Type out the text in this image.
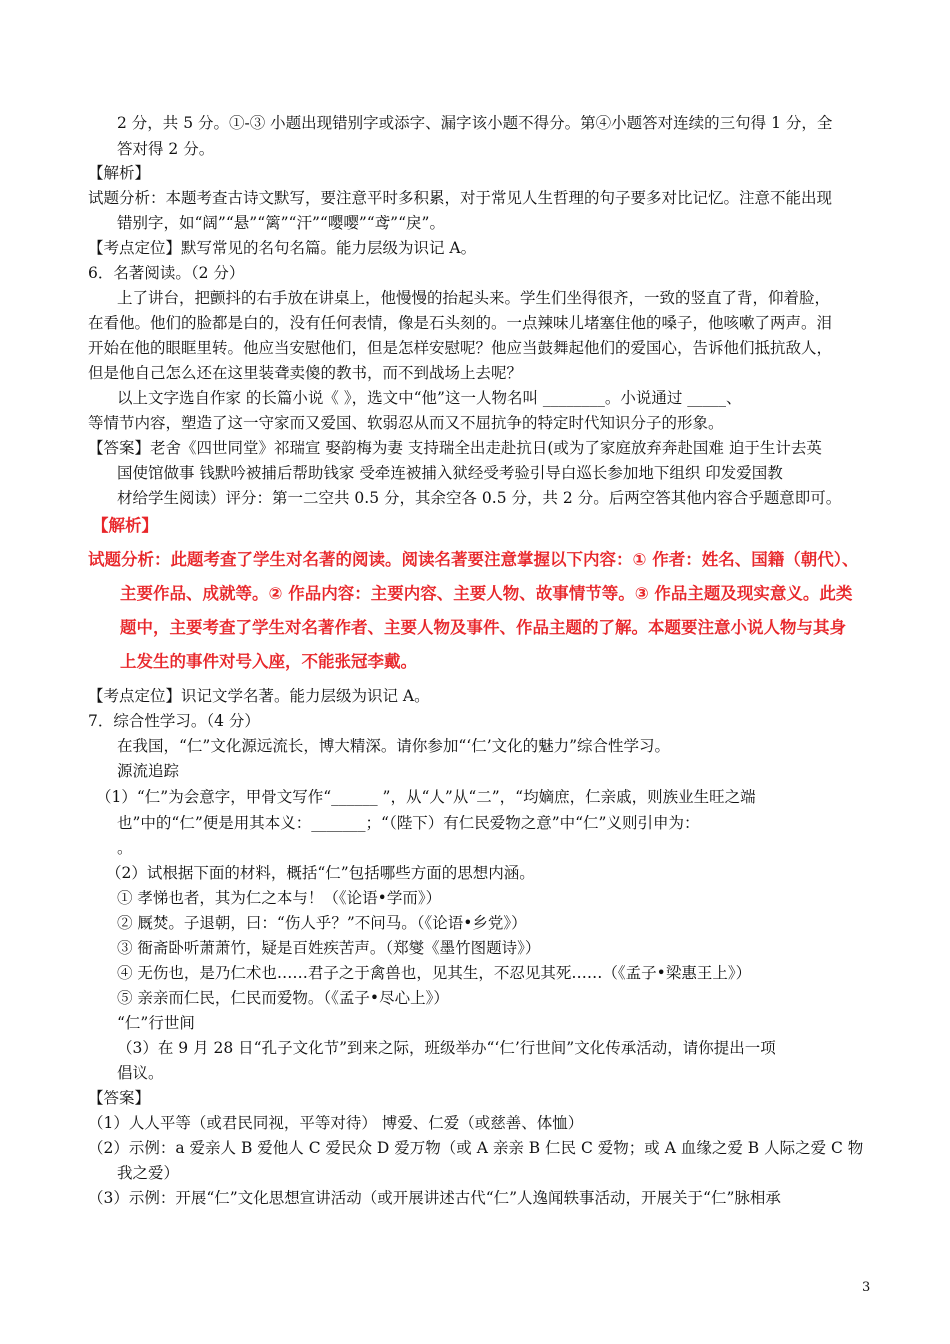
2 分，共 5 分。①-③ 小题出现错别字或添字、漏字该小题不得分。第④小题答对连续的三句得 1 分，全
答对得 2 分。
【解析】
试题分析：本题考查古诗文默写，要注意平时多积累，对于常见人生哲理的句子要多对比记忆。注意不能出现
错别字，如“阔”“悬”“篱”“汗”“嘤嘤”“鸢”“戾”。
【考点定位】默写常见的名句名篇。能力层级为识记 A。
6．名著阅读。（2 分）
上了讲台，把颤抖的右手放在讲桌上，他慢慢的抬起头来。学生们坐得很齐，一致的竖直了背，仰着脸，
在看他。他们的脸都是白的，没有任何表情，像是石头刻的。一点辣味儿堵塞住他的嗓子，他咳嗽了两声。泪
开始在他的眼眶里转。他应当安慰他们，但是怎样安慰呢？他应当鼓舞起他们的爱国心，告诉他们抵抗敌人，
但是他自己怎么还在这里装聋卖傻的教书，而不到战场上去呢？
以上文字选自作家 的长篇小说《 》，选文中“他”这一人物名叫 ________。小说通过 _____、
等情节内容，塑造了这一守家而又爱国、软弱忍从而又不屈抗争的特定时代知识分子的形象。
【答案】老舍《四世同堂》祁瑞宣 娶韵梅为妻 支持瑞全出走赴抗日(或为了家庭放弃奔赴国难 迫于生计去英
国使馆做事 钱默吟被捕后帮助钱家 受牵连被捕入狱经受考验引导白巡长参加地下组织 印发爱国教
材给学生阅读）评分：第一二空共 0.5 分，其余空各 0.5 分，共 2 分。后两空答其他内容合乎题意即可。
【解析】
试题分析：此题考查了学生对名著的阅读。阅读名著要注意掌握以下内容：① 作者：姓名、国籍（朝代）、
主要作品、成就等。② 作品内容：主要内容、主要人物、故事情节等。③ 作品主题及现实意义。此类
题中，主要考查了学生对名著作者、主要人物及事件、作品主题的了解。本题要注意小说人物与其身
上发生的事件对号入座，不能张冠李戴。
【考点定位】识记文学名著。能力层级为识记 A。
7．综合性学习。（4 分）
在我国，“仁”文化源远流长，博大精深。请你参加“‘仁’文化的魅力”综合性学习。
源流追踪
（1）“仁”为会意字，甲骨文写作“______ ”，从“人”从“二”，“均嫡庶，仁亲戚，则族业生旺之端
也”中的“仁”便是用其本义：_______；“（陛下）有仁民爱物之意”中“仁”义则引申为：
。
（2）试根据下面的材料，概括“仁”包括哪些方面的思想内涵。
① 孝悌也者，其为仁之本与！（《论语•学而》）
② 厩焚。子退朝，曰：“伤人乎？”不问马。（《论语•乡党》）
③ 衙斋卧听萧萧竹，疑是百姓疾苦声。（郑燮《墨竹图题诗》）
④ 无伤也，是乃仁术也……君子之于禽兽也，见其生，不忍见其死……（《孟子•梁惠王上》）
⑤ 亲亲而仁民，仁民而爱物。（《孟子•尽心上》）
“仁”行世间
（3）在 9 月 28 日“孔子文化节”到来之际，班级举办“‘仁’行世间”文化传承活动，请你提出一项
倡议。
【答案】
（1）人人平等（或君民同视，平等对待） 博爱、仁爱（或慈善、体恤）
（2）示例：a 爱亲人 B 爱他人 C 爱民众 D 爱万物（或 A 亲亲 B 仁民 C 爱物；或 A 血缘之爱 B 人际之爱 C 物
我之爱）
（3）示例：开展“仁”文化思想宣讲活动（或开展讲述古代“仁”人逸闻轶事活动，开展关于“仁”脉相承
3
